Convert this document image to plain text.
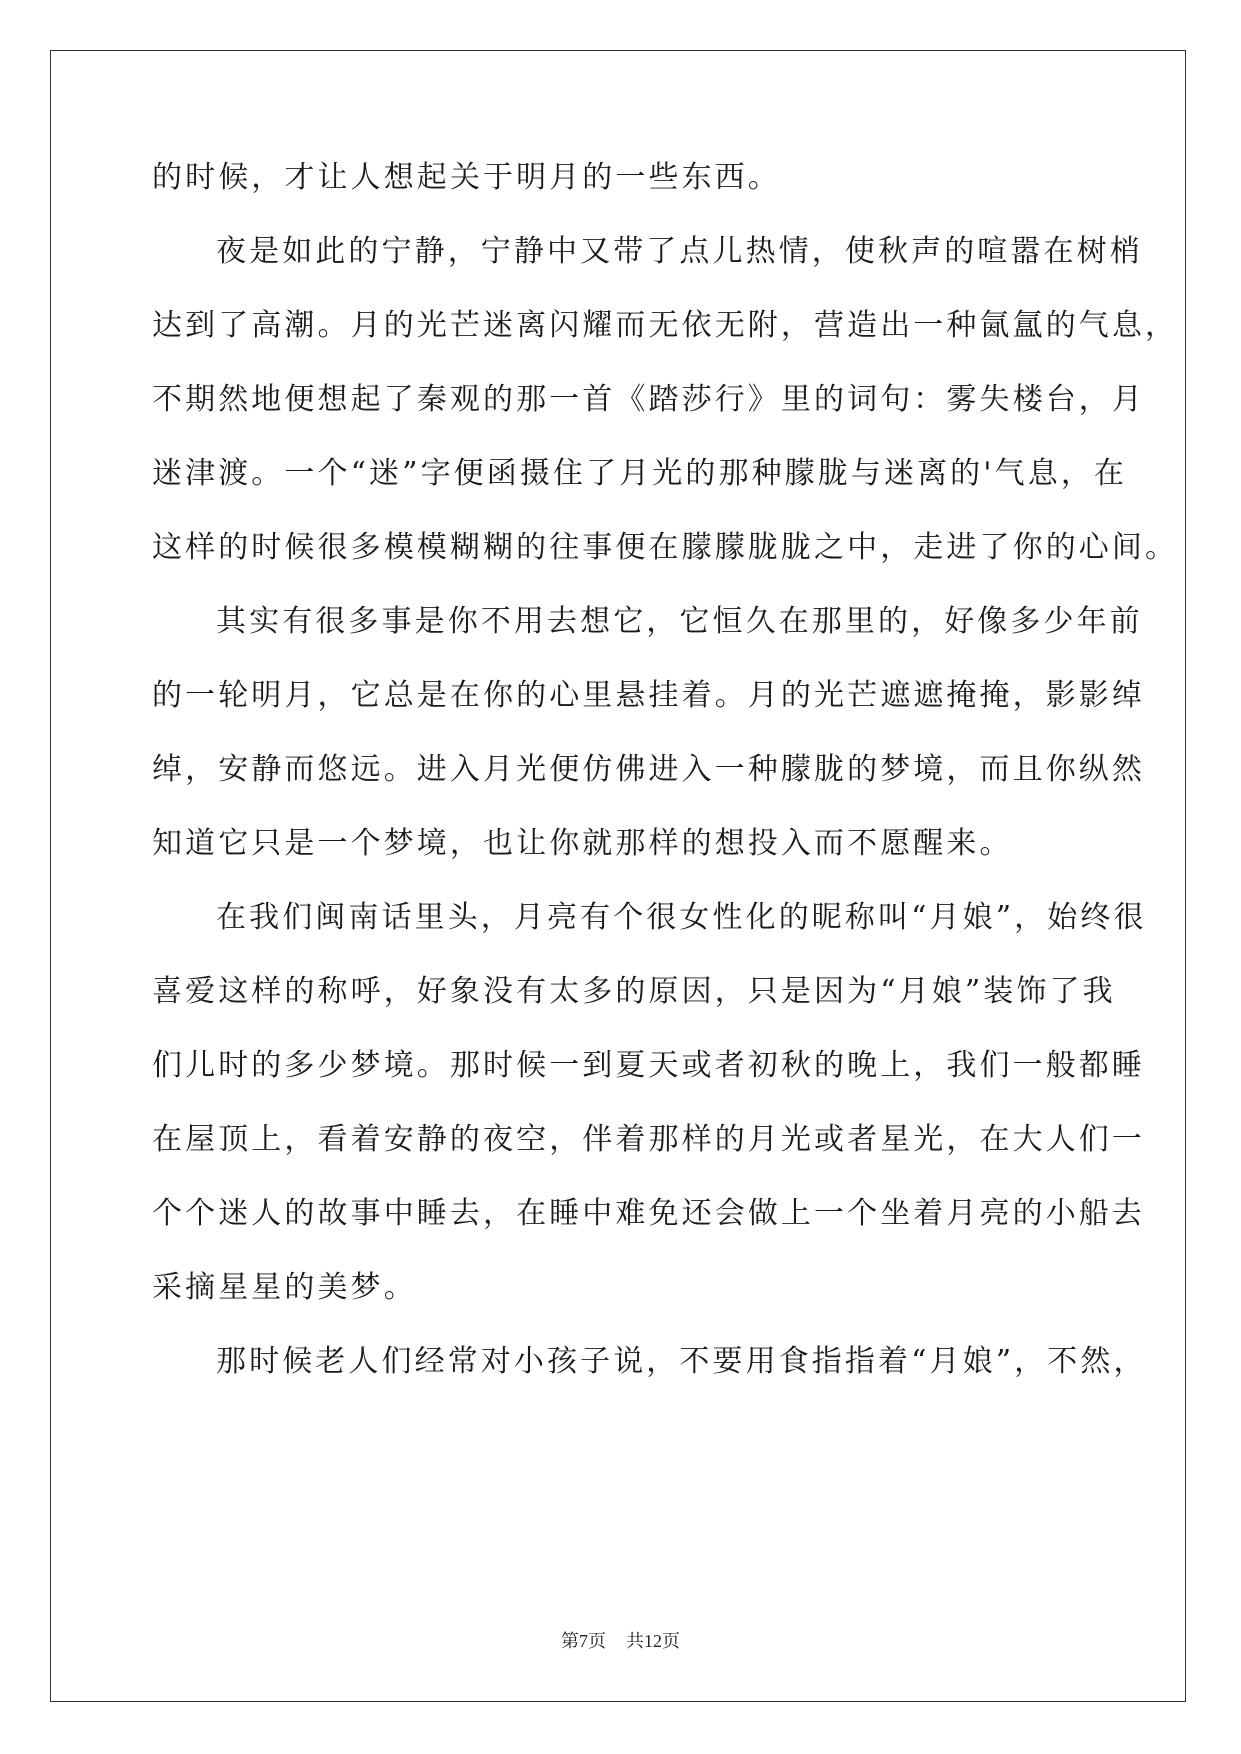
的时候，才让人想起关于明月的一些东西。
夜是如此的宁静，宁静中又带了点儿热情，使秋声的喧嚣在树梢
达到了高潮。月的光芒迷离闪耀而无依无附，营造出一种氤氲的气息，
不期然地便想起了秦观的那一首《踏莎行》里的词句：雾失楼台，月
迷津渡。一个“迷”字便函摄住了月光的那种朦胧与迷离的'气息，在
这样的时候很多模模糊糊的往事便在朦朦胧胧之中，走进了你的心间。
其实有很多事是你不用去想它，它恒久在那里的，好像多少年前
的一轮明月，它总是在你的心里悬挂着。月的光芒遮遮掩掩，影影绰
绰，安静而悠远。进入月光便仿佛进入一种朦胧的梦境，而且你纵然
知道它只是一个梦境，也让你就那样的想投入而不愿醒来。
在我们闽南话里头，月亮有个很女性化的昵称叫“月娘”，始终很
喜爱这样的称呼，好象没有太多的原因，只是因为“月娘”装饰了我
们儿时的多少梦境。那时候一到夏天或者初秋的晚上，我们一般都睡
在屋顶上，看着安静的夜空，伴着那样的月光或者星光，在大人们一
个个迷人的故事中睡去，在睡中难免还会做上一个坐着月亮的小船去
采摘星星的美梦。
那时候老人们经常对小孩子说，不要用食指指着“月娘”，不然，
第7页 共12页
